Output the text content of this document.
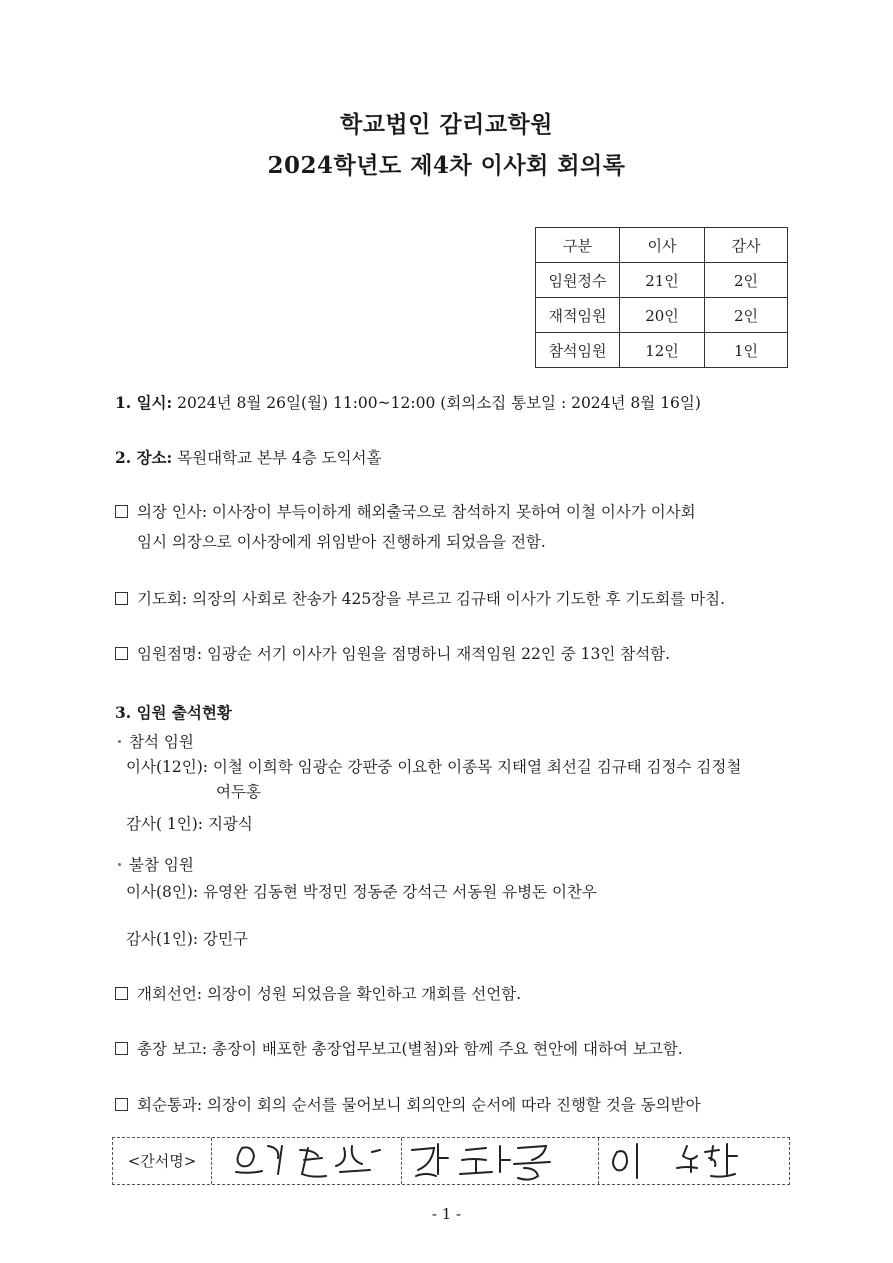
학교법인 감리교학원
2024학년도 제4차 이사회 회의록
구분	이사	감사
임원정수	21인	2인
재적임원	20인	2인
참석임원	12인	1인
1. 일시: 2024년 8월 26일(월) 11:00~12:00 (회의소집 통보일 : 2024년 8월 16일)
2. 장소: 목원대학교 본부 4층 도익서홀
의장 인사: 이사장이 부득이하게 해외출국으로 참석하지 못하여 이철 이사가 이사회
임시 의장으로 이사장에게 위임받아 진행하게 되었음을 전함.
기도회: 의장의 사회로 찬송가 425장을 부르고 김규태 이사가 기도한 후 기도회를 마침.
임원점명: 임광순 서기 이사가 임원을 점명하니 재적임원 22인 중 13인 참석함.
3. 임원 출석현황
참석 임원
이사(12인): 이철 이희학 임광순 강판중 이요한 이종목 지태열 최선길 김규태 김정수 김정철
여두홍
감사( 1인): 지광식
불참 임원
이사(8인): 유영완 김동현 박정민 정동준 강석근 서동원 유병돈 이찬우
감사(1인): 강민구
개회선언: 의장이 성원 되었음을 확인하고 개회를 선언함.
총장 보고: 총장이 배포한 총장업무보고(별첨)와 함께 주요 현안에 대하여 보고함.
회순통과: 의장이 회의 순서를 물어보니 회의안의 순서에 따라 진행할 것을 동의받아
<간서명>
- 1 -
